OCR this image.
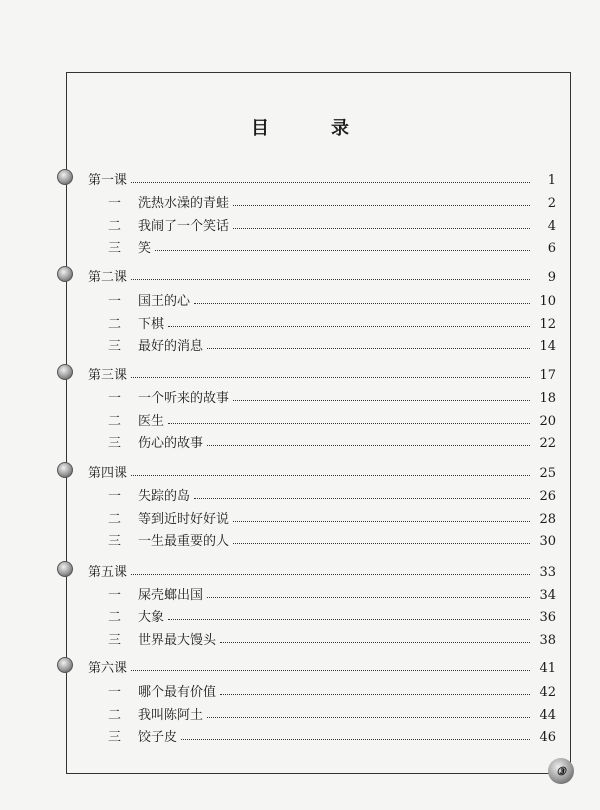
目　录
第一课	1
一	洗热水澡的青蛙	2
二	我闹了一个笑话	4
三	笑	6
第二课	9
一	国王的心	10
二	下棋	12
三	最好的消息	14
第三课	17
一	一个听来的故事	18
二	医生	20
三	伤心的故事	22
第四课	25
一	失踪的岛	26
二	等到近时好好说	28
三	一生最重要的人	30
第五课	33
一	屎壳螂出国	34
二	大象	36
三	世界最大馒头	38
第六课	41
一	哪个最有价值	42
二	我叫陈阿土	44
三	饺子皮	46
③
